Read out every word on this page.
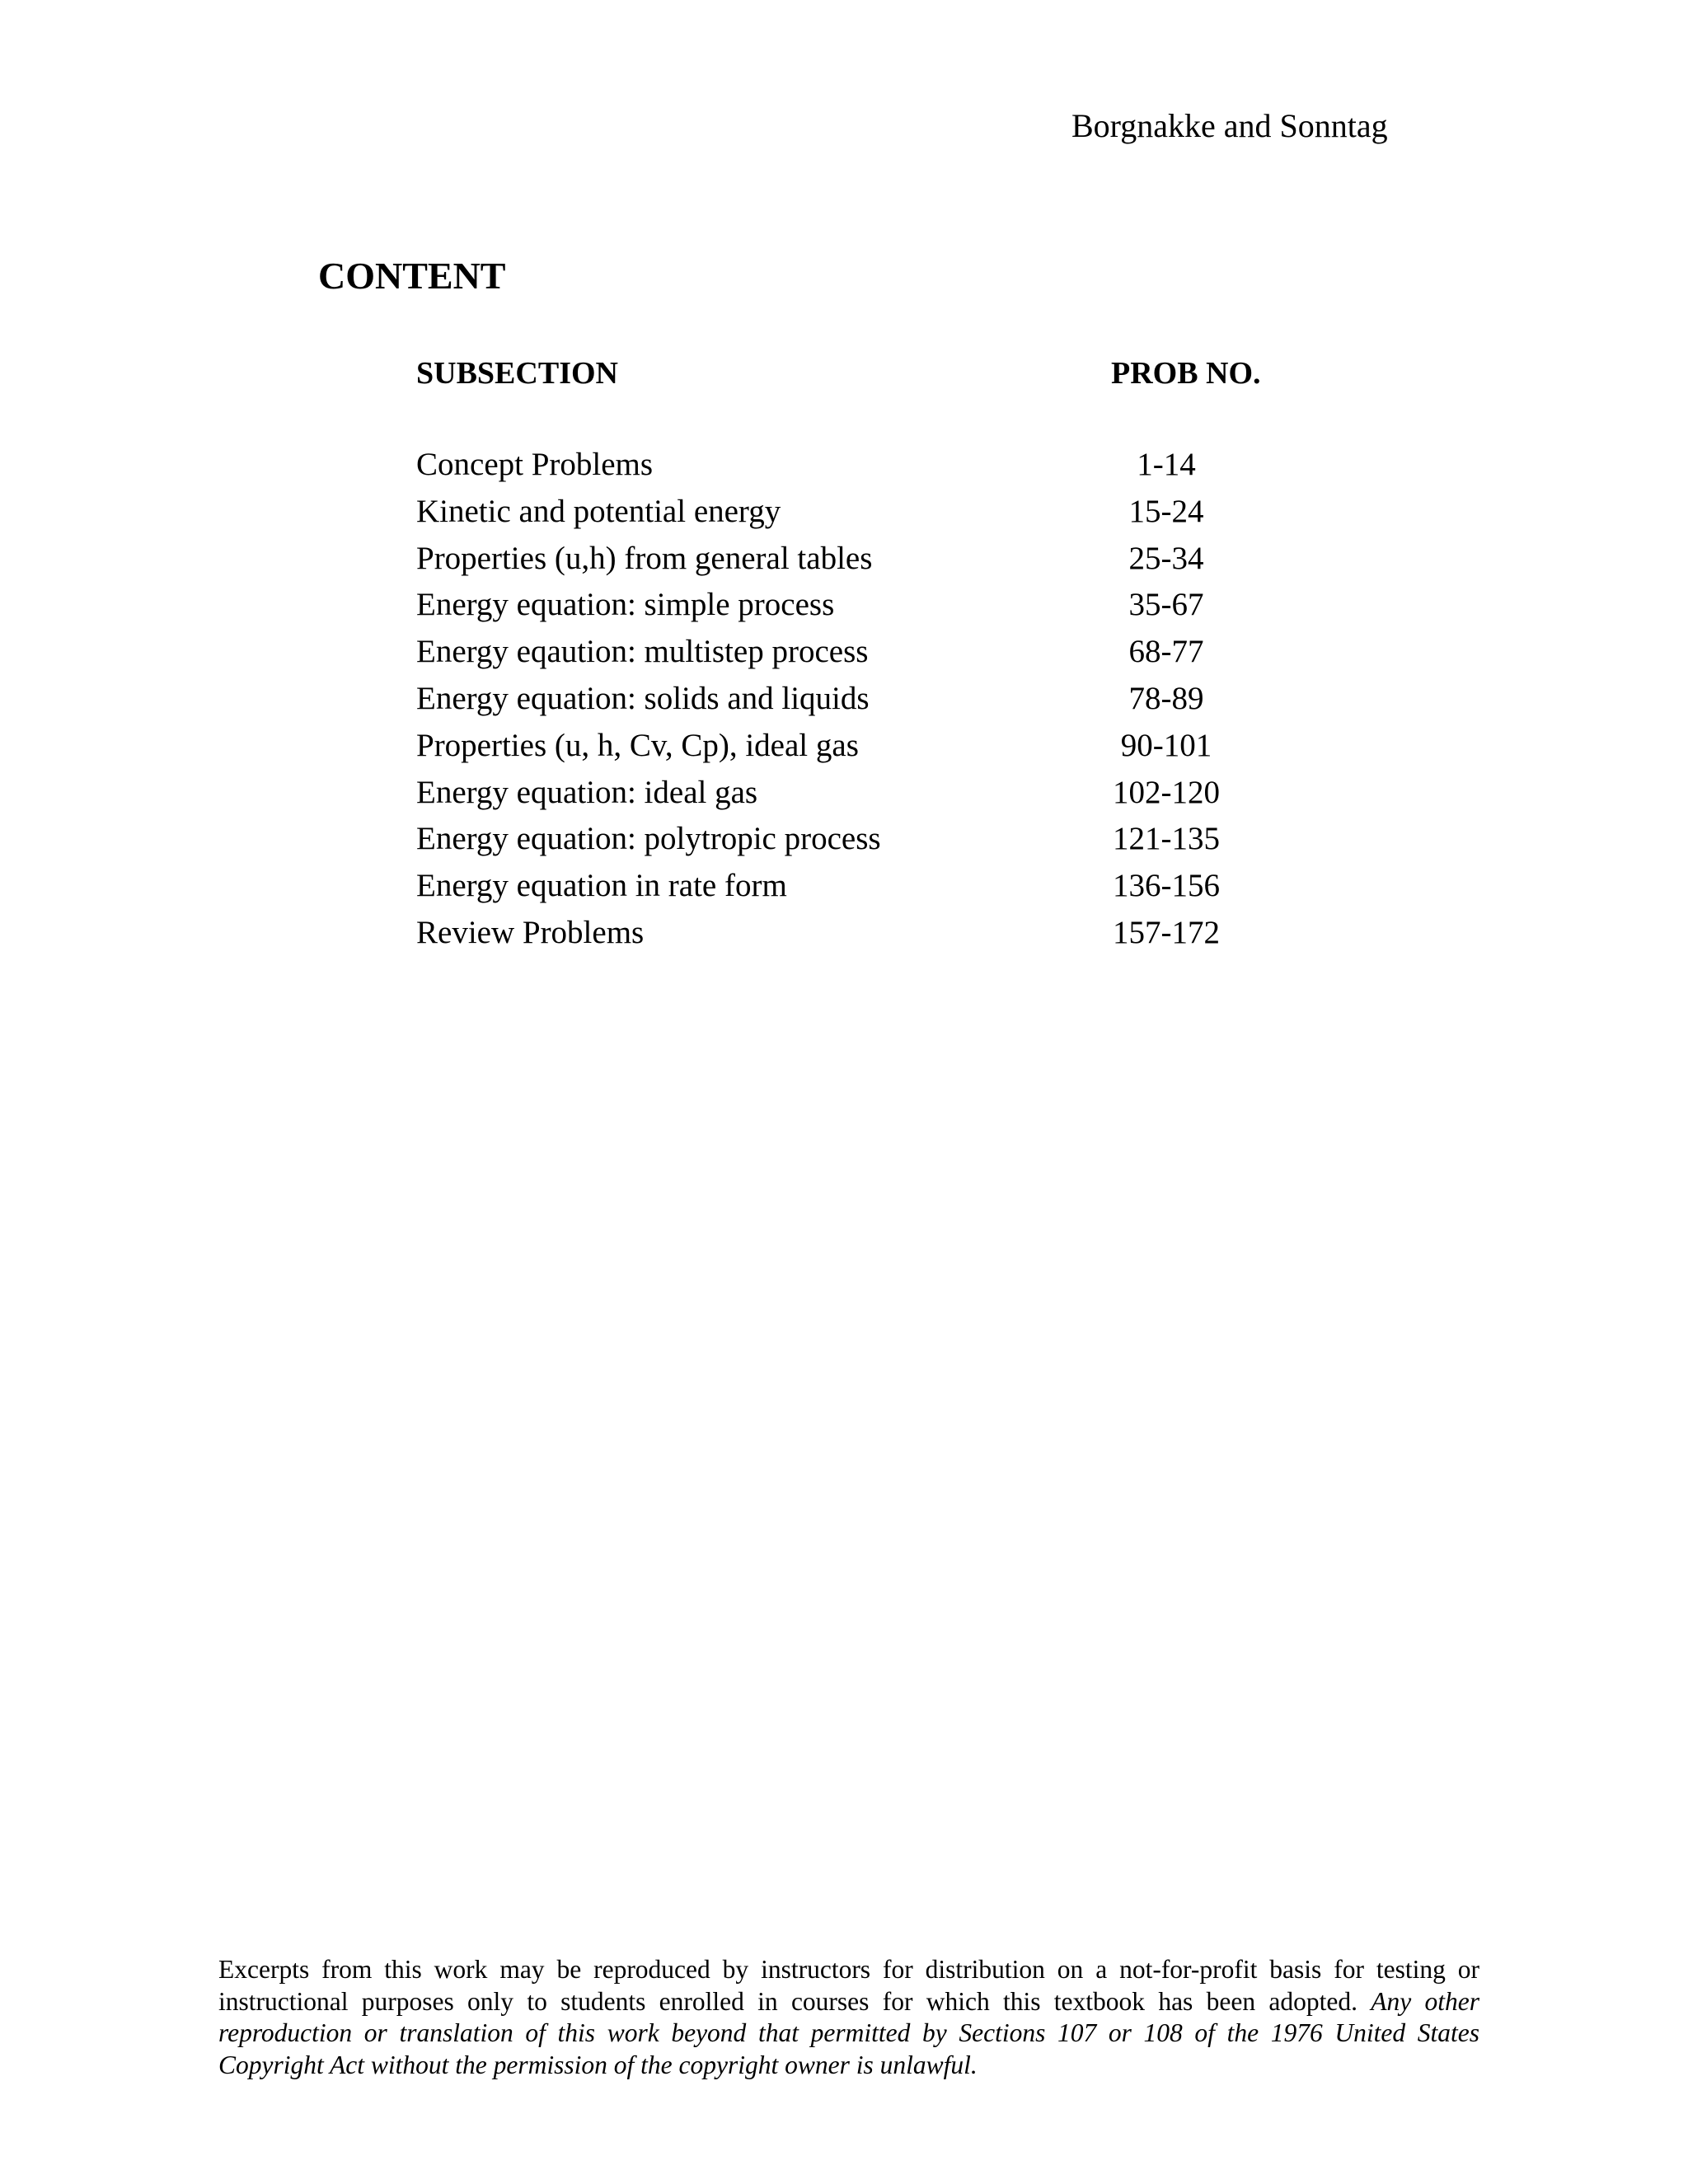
Borgnakke and Sonntag
CONTENT
SUBSECTION	PROB NO.
Concept Problems	1-14
Kinetic and potential energy	15-24
Properties (u,h) from general tables	25-34
Energy equation: simple process	35-67
Energy eqaution: multistep process	68-77
Energy equation: solids and liquids	78-89
Properties (u, h, Cv, Cp), ideal gas	90-101
Energy equation: ideal gas	102-120
Energy equation: polytropic process	121-135
Energy equation in rate form	136-156
Review Problems	157-172
Excerpts from this work may be reproduced by instructors for distribution on a not-for-profit basis for testing or instructional purposes only to students enrolled in courses for which this textbook has been adopted. Any other reproduction or translation of this work beyond that permitted by Sections 107 or 108 of the 1976 United States Copyright Act without the permission of the copyright owner is unlawful.
